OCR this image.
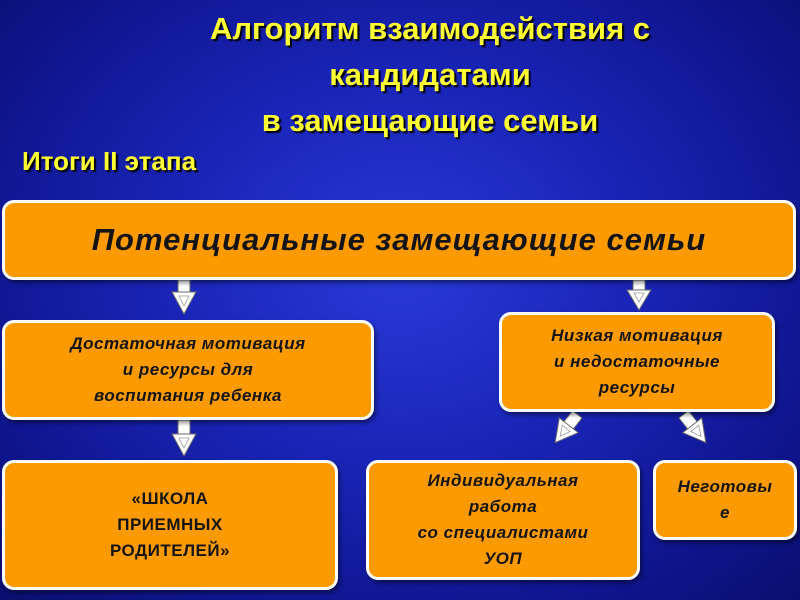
Алгоритм взаимодействия с
кандидатами
в замещающие семьи
Итоги II этапа
Потенциальные замещающие семьи
Достаточная мотивация
и ресурсы для
воспитания ребенка
Низкая мотивация
и недостаточные
ресурсы
«ШКОЛА
ПРИЕМНЫХ
РОДИТЕЛЕЙ»
Индивидуальная
работа
со специалистами
УОП
Неготовы
е
